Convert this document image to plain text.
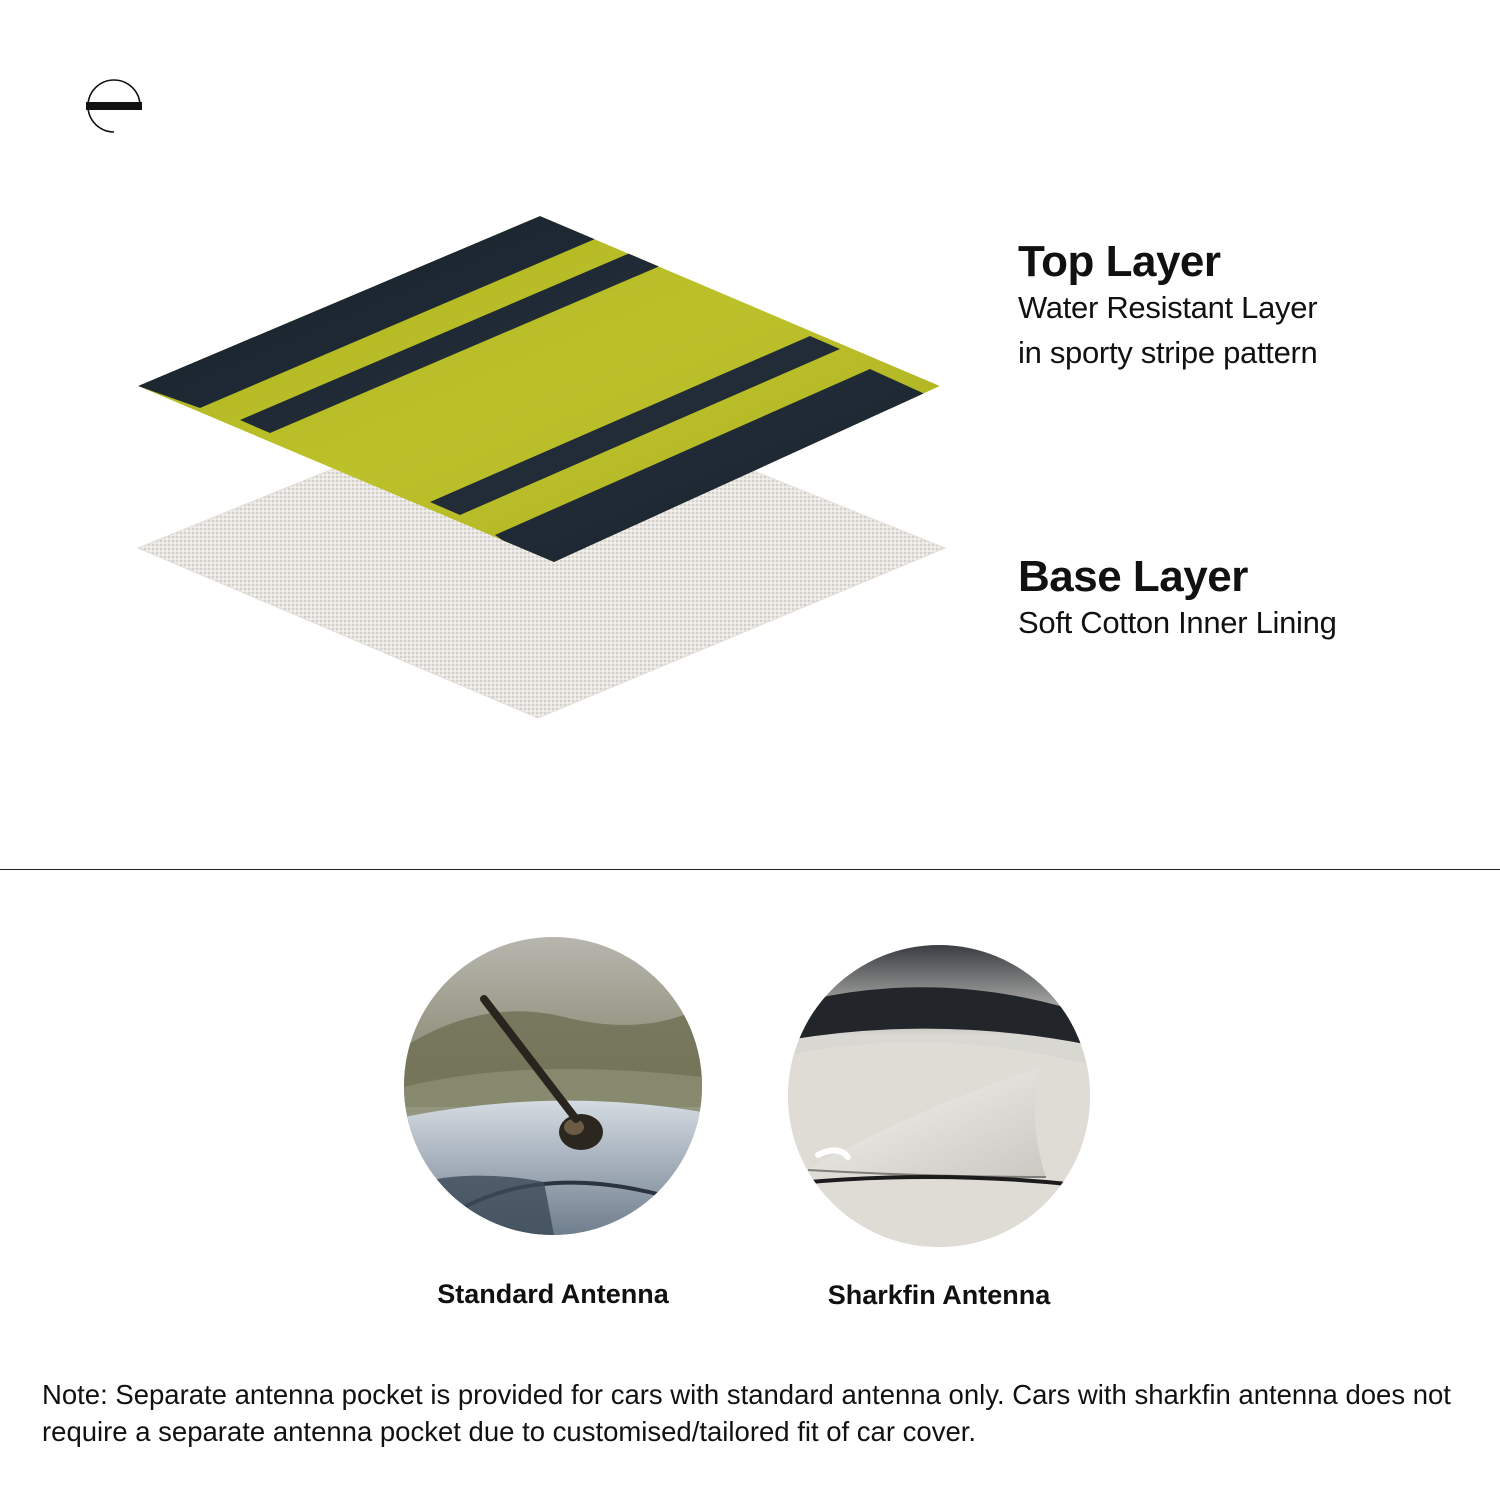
Top Layer
Water Resistant Layer
in sporty stripe pattern
Base Layer
Soft Cotton Inner Lining
Standard Antenna	Sharkfin Antenna

Note: Separate antenna pocket is provided for cars with standard antenna only. Cars with sharkfin antenna does not require a separate antenna pocket due to customised/tailored fit of car cover.
